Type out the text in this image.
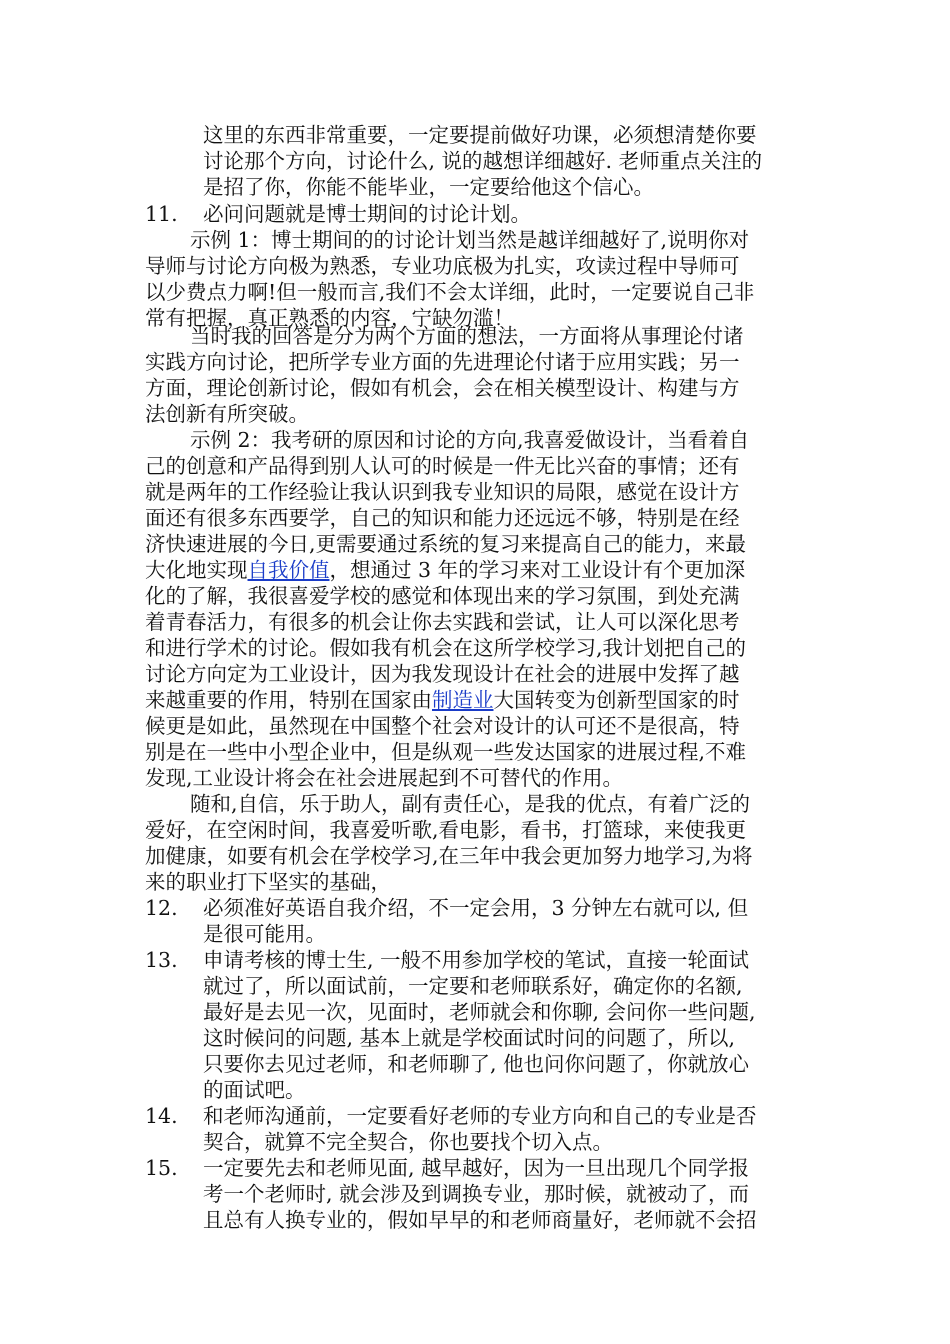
这里的东西非常重要，一定要提前做好功课，必须想清楚你要
讨论那个方向，讨论什么, 说的越想详细越好. 老师重点关注的
是招了你，你能不能毕业，一定要给他这个信心。
11. 必问问题就是博士期间的讨论计划。
示例 1：博士期间的的讨论计划当然是越详细越好了,说明你对
导师与讨论方向极为熟悉，专业功底极为扎实，攻读过程中导师可
以少费点力啊!但一般而言,我们不会太详细，此时，一定要说自己非
常有把握，真正熟悉的内容，宁缺勿滥！
当时我的回答是分为两个方面的想法，一方面将从事理论付诸
实践方向讨论，把所学专业方面的先进理论付诸于应用实践；另一
方面，理论创新讨论，假如有机会，会在相关模型设计、构建与方
法创新有所突破。
示例 2：我考研的原因和讨论的方向,我喜爱做设计，当看着自
己的创意和产品得到别人认可的时候是一件无比兴奋的事情；还有
就是两年的工作经验让我认识到我专业知识的局限，感觉在设计方
面还有很多东西要学，自己的知识和能力还远远不够，特别是在经
济快速进展的今日,更需要通过系统的复习来提高自己的能力，来最
大化地实现自我价值，想通过 3 年的学习来对工业设计有个更加深
化的了解，我很喜爱学校的感觉和体现出来的学习氛围，到处充满
着青春活力，有很多的机会让你去实践和尝试，让人可以深化思考
和进行学术的讨论。假如我有机会在这所学校学习,我计划把自己的
讨论方向定为工业设计，因为我发现设计在社会的进展中发挥了越
来越重要的作用，特别在国家由制造业大国转变为创新型国家的时
候更是如此，虽然现在中国整个社会对设计的认可还不是很高，特
别是在一些中小型企业中，但是纵观一些发达国家的进展过程,不难
发现,工业设计将会在社会进展起到不可替代的作用。
随和,自信，乐于助人，副有责任心，是我的优点，有着广泛的
爱好，在空闲时间，我喜爱听歌,看电影，看书，打篮球，来使我更
加健康，如要有机会在学校学习,在三年中我会更加努力地学习,为将
来的职业打下坚实的基础，
12. 必须准好英语自我介绍，不一定会用，3 分钟左右就可以, 但
是很可能用。
13. 申请考核的博士生, 一般不用参加学校的笔试，直接一轮面试
就过了，所以面试前，一定要和老师联系好，确定你的名额,
最好是去见一次，见面时，老师就会和你聊, 会问你一些问题,
这时候问的问题, 基本上就是学校面试时问的问题了，所以,
只要你去见过老师，和老师聊了, 他也问你问题了，你就放心
的面试吧。
14. 和老师沟通前，一定要看好老师的专业方向和自己的专业是否
契合，就算不完全契合，你也要找个切入点。
15. 一定要先去和老师见面, 越早越好，因为一旦出现几个同学报
考一个老师时, 就会涉及到调换专业，那时候，就被动了，而
且总有人换专业的，假如早早的和老师商量好，老师就不会招
